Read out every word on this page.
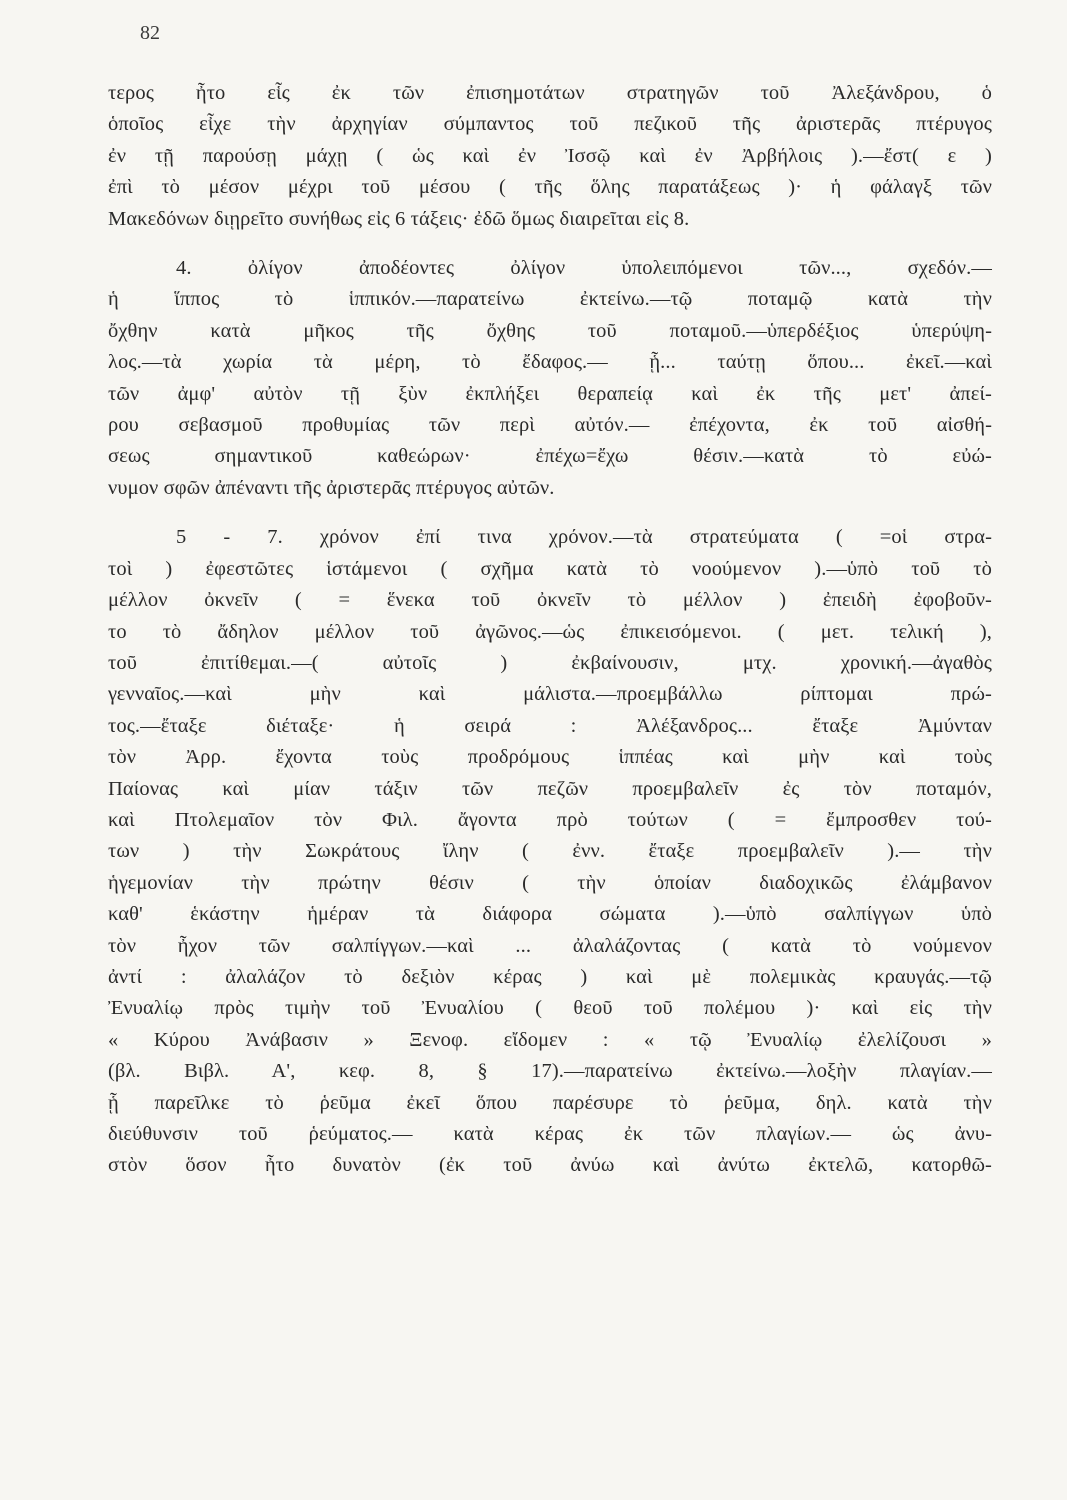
82

τερος ἦτο εἷς ἐκ τῶν ἐπισημοτάτων στρατηγῶν τοῦ Ἀλεξάνδρου, ὁ
ὁποῖος εἶχε τὴν ἀρχηγίαν σύμπαντος τοῦ πεζικοῦ τῆς ἀριστερᾶς πτέρυγος
ἐν τῇ παρούσῃ μάχῃ ( ὡς καὶ ἐν Ἰσσῷ καὶ ἐν Ἀρβήλοις ).—ἔστ( ε )
ἐπὶ τὸ μέσον μέχρι τοῦ μέσου ( τῆς ὅλης παρατάξεως )· ἡ φάλαγξ τῶν
Μακεδόνων διῃρεῖτο συνήθως εἰς 6 τάξεις· ἐδῶ ὅμως διαιρεῖται εἰς 8.

4. ὀλίγον ἀποδέοντες ὀλίγον ὑπολειπόμενοι τῶν..., σχεδόν.—
ἡ ἵππος τὸ ἱππικόν.—παρατείνω ἐκτείνω.—τῷ ποταμῷ κατὰ τὴν
ὄχθην κατὰ μῆκος τῆς ὄχθης τοῦ ποταμοῦ.—ὑπερδέξιος ὑπερύψη-
λος.—τὰ χωρία τὰ μέρη, τὸ ἔδαφος.— ᾗ... ταύτῃ ὅπου... ἐκεῖ.—καὶ
τῶν ἀμφ' αὐτὸν τῇ ξὺν ἐκπλήξει θεραπείᾳ καὶ ἐκ τῆς μετ' ἀπεί-
ρου σεβασμοῦ προθυμίας τῶν περὶ αὐτόν.— ἐπέχοντα, ἐκ τοῦ αἰσθή-
σεως σημαντικοῦ καθεώρων· ἐπέχω=ἔχω θέσιν.—κατὰ τὸ εὐώ-
νυμον σφῶν ἀπέναντι τῆς ἀριστερᾶς πτέρυγος αὐτῶν.

5 - 7. χρόνον ἐπί τινα χρόνον.—τὰ στρατεύματα ( =οἱ στρα-
τοὶ ) ἐφεστῶτες ἱστάμενοι ( σχῆμα κατὰ τὸ νοούμενον ).—ὑπὸ τοῦ τὸ
μέλλον ὀκνεῖν ( = ἕνεκα τοῦ ὀκνεῖν τὸ μέλλον ) ἐπειδὴ ἐφοβοῦν-
το τὸ ἄδηλον μέλλον τοῦ ἀγῶνος.—ὡς ἐπικεισόμενοι. ( μετ. τελική ),
τοῦ ἐπιτίθεμαι.—( αὐτοῖς ) ἐκβαίνουσιν, μτχ. χρονική.—ἀγαθὸς
γενναῖος.—καὶ μὴν καὶ μάλιστα.—προεμβάλλω ρίπτομαι πρώ-
τος.—ἔταξε διέταξε· ἡ σειρά : Ἀλέξανδρος... ἔταξε Ἀμύνταν
τὸν Ἀρρ. ἔχοντα τοὺς προδρόμους ἱππέας καὶ μὴν καὶ τοὺς
Παίονας καὶ μίαν τάξιν τῶν πεζῶν προεμβαλεῖν ἐς τὸν ποταμόν,
καὶ Πτολεμαῖον τὸν Φιλ. ἄγοντα πρὸ τούτων ( = ἔμπροσθεν τού-
των ) τὴν Σωκράτους ἴλην ( ἐνν. ἔταξε προεμβαλεῖν ).— τὴν
ἡγεμονίαν τὴν πρώτην θέσιν ( τὴν ὁποίαν διαδοχικῶς ἐλάμβανον
καθ' ἑκάστην ἡμέραν τὰ διάφορα σώματα ).—ὑπὸ σαλπίγγων ὑπὸ
τὸν ἦχον τῶν σαλπίγγων.—καὶ ... ἀλαλάζοντας ( κατὰ τὸ νούμενον
ἀντί : ἀλαλάζον τὸ δεξιὸν κέρας ) καὶ μὲ πολεμικὰς κραυγάς.—τῷ
Ἐνυαλίῳ πρὸς τιμὴν τοῦ Ἐνυαλίου ( θεοῦ τοῦ πολέμου )· καὶ εἰς τὴν
« Κύρου Ἀνάβασιν » Ξενοφ. εἴδομεν : « τῷ Ἐνυαλίῳ ἐλελίζουσι »
(βλ. Βιβλ. Α', κεφ. 8, § 17).—παρατείνω ἐκτείνω.—λοξὴν πλαγίαν.—
ᾗ παρεῖλκε τὸ ῥεῦμα ἐκεῖ ὅπου παρέσυρε τὸ ῥεῦμα, δηλ. κατὰ τὴν
διεύθυνσιν τοῦ ῥεύματος.— κατὰ κέρας ἐκ τῶν πλαγίων.— ὡς ἀνυ-
στὸν ὅσον ἦτο δυνατὸν (ἐκ τοῦ ἀνύω καὶ ἀνύτω ἐκτελῶ, κατορθῶ-
